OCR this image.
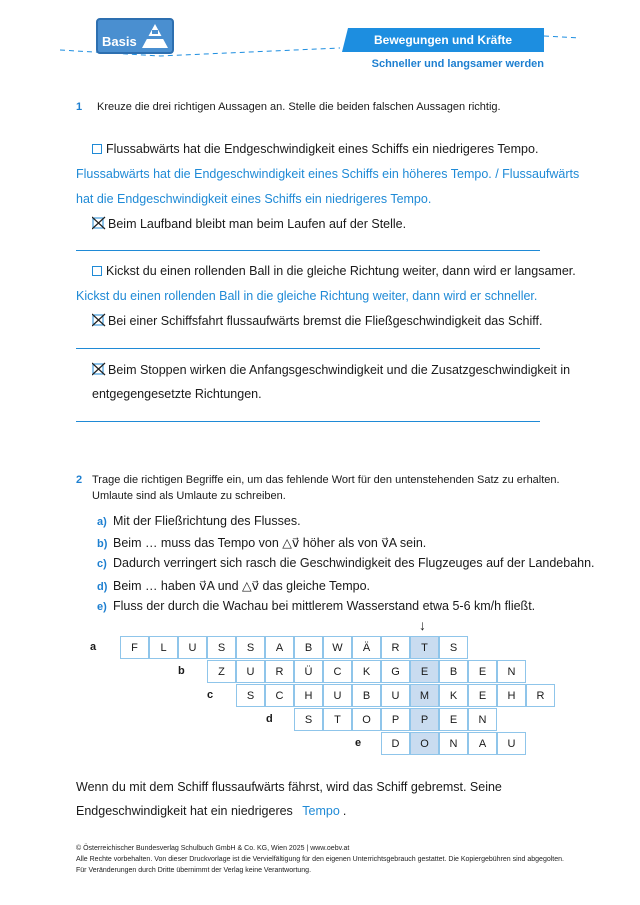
Basis	Bewegungen und Kräfte
Schneller und langsamer werden
1 Kreuze die drei richtigen Aussagen an. Stelle die beiden falschen Aussagen richtig.
Flussabwärts hat die Endgeschwindigkeit eines Schiffs ein niedrigeres Tempo.
Flussabwärts hat die Endgeschwindigkeit eines Schiffs ein höheres Tempo. / Flussaufwärts
hat die Endgeschwindigkeit eines Schiffs ein niedrigeres Tempo.
Beim Laufband bleibt man beim Laufen auf der Stelle.
Kickst du einen rollenden Ball in die gleiche Richtung weiter, dann wird er langsamer.
Kickst du einen rollenden Ball in die gleiche Richtung weiter, dann wird er schneller.
Bei einer Schiffsfahrt flussaufwärts bremst die Fließgeschwindigkeit das Schiff.
Beim Stoppen wirken die Anfangsgeschwindigkeit und die Zusatzgeschwindigkeit in
entgegengesetzte Richtungen.
2 Trage die richtigen Begriffe ein, um das fehlende Wort für den untenstehenden Satz zu erhalten.
Umlaute sind als Umlaute zu schreiben.
a) Mit der Fließrichtung des Flusses.
b) Beim … muss das Tempo von △v⃗ höher als von v⃗A sein.
c) Dadurch verringert sich rasch die Geschwindigkeit des Flugzeuges auf der Landebahn.
d) Beim … haben v⃗A und △v⃗ das gleiche Tempo.
e) Fluss der durch die Wachau bei mittlerem Wasserstand etwa 5-6 km/h fließt.
↓
a	F	L	U	S	S	A	B	W	Ä	R	T	S
b	Z	U	R	Ü	C	K	G	E	B	E	N
c	S	C	H	U	B	U	M	K	E	H	R
d	S	T	O	P	P	E	N
e	D	O	N	A	U
Wenn du mit dem Schiff flussaufwärts fährst, wird das Schiff gebremst. Seine
Endgeschwindigkeit hat ein niedrigeres Tempo .
© Österreichischer Bundesverlag Schulbuch GmbH & Co. KG, Wien 2025 | www.oebv.at
Alle Rechte vorbehalten. Von dieser Druckvorlage ist die Vervielfältigung für den eigenen Unterrichtsgebrauch gestattet. Die Kopiergebühren sind abgegolten.
Für Veränderungen durch Dritte übernimmt der Verlag keine Verantwortung.
